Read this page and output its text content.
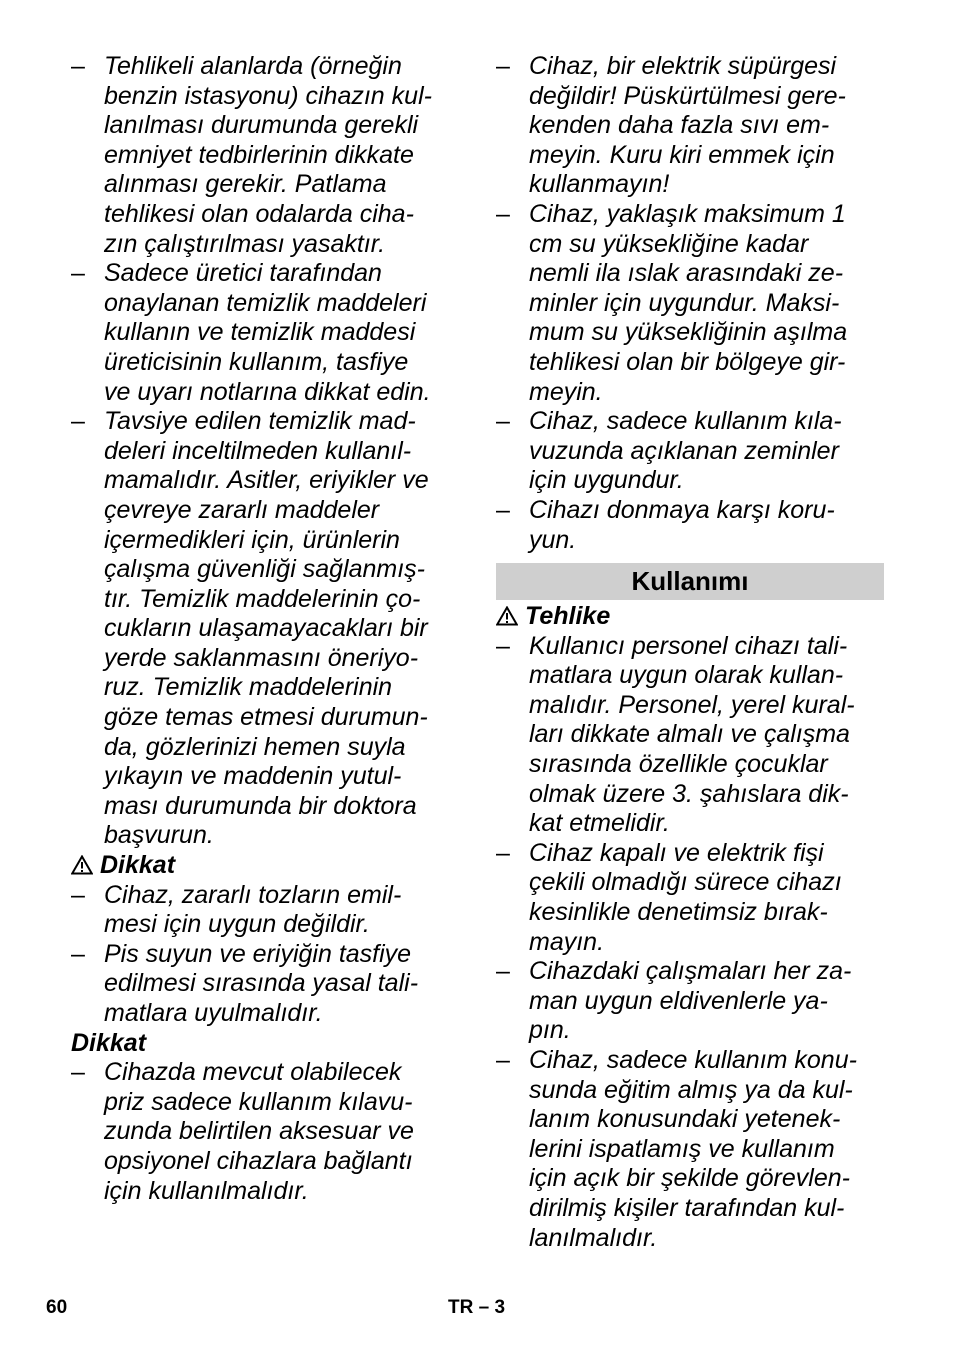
– Tehlikeli alanlarda (örneğin
benzin istasyonu) cihazın kul-
lanılması durumunda gerekli
emniyet tedbirlerinin dikkate
alınması gerekir. Patlama
tehlikesi olan odalarda ciha-
zın çalıştırılması yasaktır.
– Sadece üretici tarafından
onaylanan temizlik maddeleri
kullanın ve temizlik maddesi
üreticisinin kullanım, tasfiye
ve uyarı notlarına dikkat edin.
– Tavsiye edilen temizlik mad-
deleri inceltilmeden kullanıl-
mamalıdır. Asitler, eriyikler ve
çevreye zararlı maddeler
içermedikleri için, ürünlerin
çalışma güvenliği sağlanmış-
tır. Temizlik maddelerinin ço-
cukların ulaşamayacakları bir
yerde saklanmasını öneriyo-
ruz. Temizlik maddelerinin
göze temas etmesi durumun-
da, gözlerinizi hemen suyla
yıkayın ve maddenin yutul-
ması durumunda bir doktora
başvurun.
Dikkat
– Cihaz, zararlı tozların emil-
mesi için uygun değildir.
– Pis suyun ve eriyiğin tasfiye
edilmesi sırasında yasal tali-
matlara uyulmalıdır.
Dikkat
– Cihazda mevcut olabilecek
priz sadece kullanım kılavu-
zunda belirtilen aksesuar ve
opsiyonel cihazlara bağlantı
için kullanılmalıdır.
– Cihaz, bir elektrik süpürgesi
değildir! Püskürtülmesi gere-
kenden daha fazla sıvı em-
meyin. Kuru kiri emmek için
kullanmayın!
– Cihaz, yaklaşık maksimum 1
cm su yüksekliğine kadar
nemli ila ıslak arasındaki ze-
minler için uygundur. Maksi-
mum su yüksekliğinin aşılma
tehlikesi olan bir bölgeye gir-
meyin.
– Cihaz, sadece kullanım kıla-
vuzunda açıklanan zeminler
için uygundur.
– Cihazı donmaya karşı koru-
yun.
Kullanımı
Tehlike
– Kullanıcı personel cihazı tali-
matlara uygun olarak kullan-
malıdır. Personel, yerel kural-
ları dikkate almalı ve çalışma
sırasında özellikle çocuklar
olmak üzere 3. şahıslara dik-
kat etmelidir.
– Cihaz kapalı ve elektrik fişi
çekili olmadığı sürece cihazı
kesinlikle denetimsiz bırak-
mayın.
– Cihazdaki çalışmaları her za-
man uygun eldivenlerle ya-
pın.
– Cihaz, sadece kullanım konu-
sunda eğitim almış ya da kul-
lanım konusundaki yetenek-
lerini ispatlamış ve kullanım
için açık bir şekilde görevlen-
dirilmiş kişiler tarafından kul-
lanılmalıdır.
60	TR – 3
